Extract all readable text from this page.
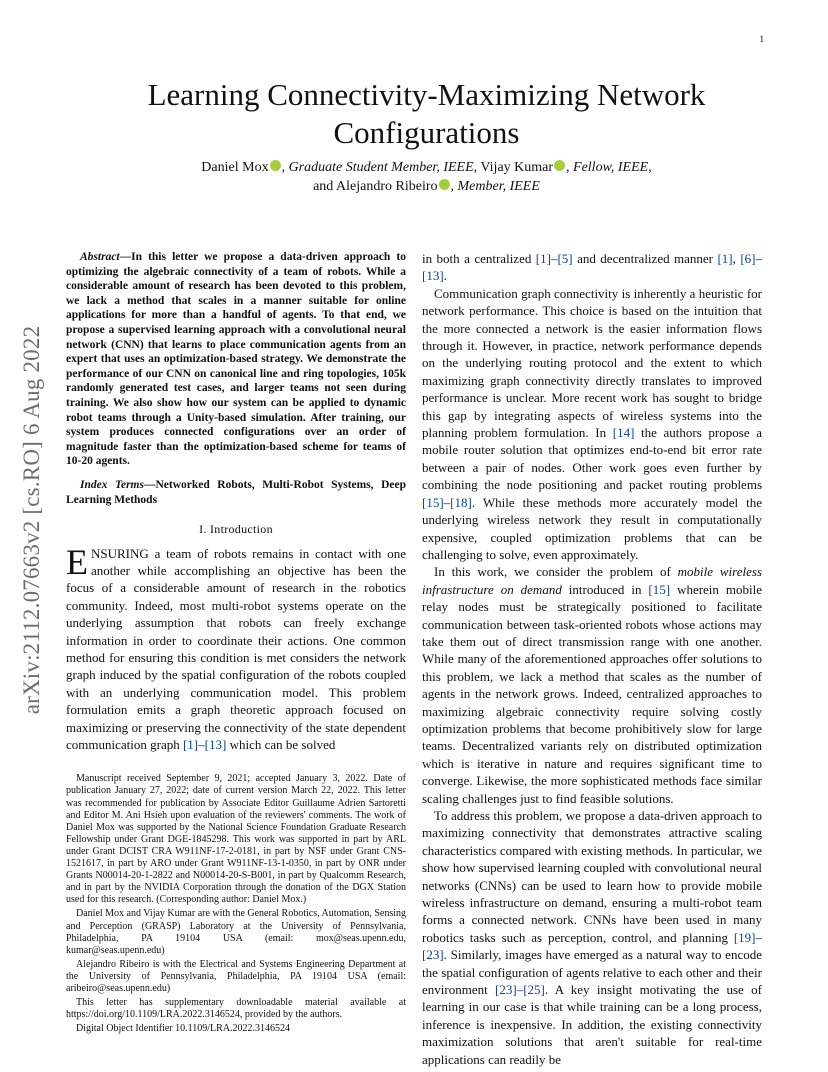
1
arXiv:2112.07663v2 [cs.RO] 6 Aug 2022
Learning Connectivity-Maximizing Network Configurations
Daniel Mox , Graduate Student Member, IEEE, Vijay Kumar , Fellow, IEEE,
and Alejandro Ribeiro , Member, IEEE

Abstract—In this letter we propose a data-driven approach to optimizing the algebraic connectivity of a team of robots. While a considerable amount of research has been devoted to this problem, we lack a method that scales in a manner suitable for online applications for more than a handful of agents. To that end, we propose a supervised learning approach with a convolutional neural network (CNN) that learns to place communication agents from an expert that uses an optimization-based strategy. We demonstrate the performance of our CNN on canonical line and ring topologies, 105k randomly generated test cases, and larger teams not seen during training. We also show how our system can be applied to dynamic robot teams through a Unity-based simulation. After training, our system produces connected configurations over an order of magnitude faster than the optimization-based scheme for teams of 10-20 agents.

Index Terms—Networked Robots, Multi-Robot Systems, Deep Learning Methods

I. Introduction

ENSURING a team of robots remains in contact with one another while accomplishing an objective has been the focus of a considerable amount of research in the robotics community. Indeed, most multi-robot systems operate on the underlying assumption that robots can freely exchange information in order to coordinate their actions. One common method for ensuring this condition is met considers the network graph induced by the spatial configuration of the robots coupled with an underlying communication model. This problem formulation emits a graph theoretic approach focused on maximizing or preserving the connectivity of the state dependent communication graph [1]–[13] which can be solved

Manuscript received September 9, 2021; accepted January 3, 2022. Date of publication January 27, 2022; date of current version March 22, 2022. This letter was recommended for publication by Associate Editor Guillaume Adrien Sartoretti and Editor M. Ani Hsieh upon evaluation of the reviewers' comments. The work of Daniel Mox was supported by the National Science Foundation Graduate Research Fellowship under Grant DGE-1845298. This work was supported in part by ARL under Grant DCIST CRA W911NF-17-2-0181, in part by NSF under Grant CNS-1521617, in part by ARO under Grant W911NF-13-1-0350, in part by ONR under Grants N00014-20-1-2822 and N00014-20-S-B001, in part by Qualcomm Research, and in part by the NVIDIA Corporation through the donation of the DGX Station used for this research. (Corresponding author: Daniel Mox.)

Daniel Mox and Vijay Kumar are with the General Robotics, Automation, Sensing and Perception (GRASP) Laboratory at the University of Pennsylvania, Philadelphia, PA 19104 USA (email: mox@seas.upenn.edu, kumar@seas.upenn.edu)

Alejandro Ribeiro is with the Electrical and Systems Engineering Department at the University of Pennsylvania, Philadelphia, PA 19104 USA (email: aribeiro@seas.upenn.edu)

This letter has supplementary downloadable material available at https://doi.org/10.1109/LRA.2022.3146524, provided by the authors.

Digital Object Identifier 10.1109/LRA.2022.3146524

in both a centralized [1]–[5] and decentralized manner [1], [6]–[13].

Communication graph connectivity is inherently a heuristic for network performance. This choice is based on the intuition that the more connected a network is the easier information flows through it. However, in practice, network performance depends on the underlying routing protocol and the extent to which maximizing graph connectivity directly translates to improved performance is unclear. More recent work has sought to bridge this gap by integrating aspects of wireless systems into the planning problem formulation. In [14] the authors propose a mobile router solution that optimizes end-to-end bit error rate between a pair of nodes. Other work goes even further by combining the node positioning and packet routing problems [15]–[18]. While these methods more accurately model the underlying wireless network they result in computationally expensive, coupled optimization problems that can be challenging to solve, even approximately.

In this work, we consider the problem of mobile wireless infrastructure on demand introduced in [15] wherein mobile relay nodes must be strategically positioned to facilitate communication between task-oriented robots whose actions may take them out of direct transmission range with one another. While many of the aforementioned approaches offer solutions to this problem, we lack a method that scales as the number of agents in the network grows. Indeed, centralized approaches to maximizing algebraic connectivity require solving costly optimization problems that become prohibitively slow for large teams. Decentralized variants rely on distributed optimization which is iterative in nature and requires significant time to converge. Likewise, the more sophisticated methods face similar scaling challenges just to find feasible solutions.

To address this problem, we propose a data-driven approach to maximizing connectivity that demonstrates attractive scaling characteristics compared with existing methods. In particular, we show how supervised learning coupled with convolutional neural networks (CNNs) can be used to learn how to provide mobile wireless infrastructure on demand, ensuring a multi-robot team forms a connected network. CNNs have been used in many robotics tasks such as perception, control, and planning [19]–[23]. Similarly, images have emerged as a natural way to encode the spatial configuration of agents relative to each other and their environment [23]–[25]. A key insight motivating the use of learning in our case is that while training can be a long process, inference is inexpensive. In addition, the existing connectivity maximization solutions that aren't suitable for real-time applications can readily be
